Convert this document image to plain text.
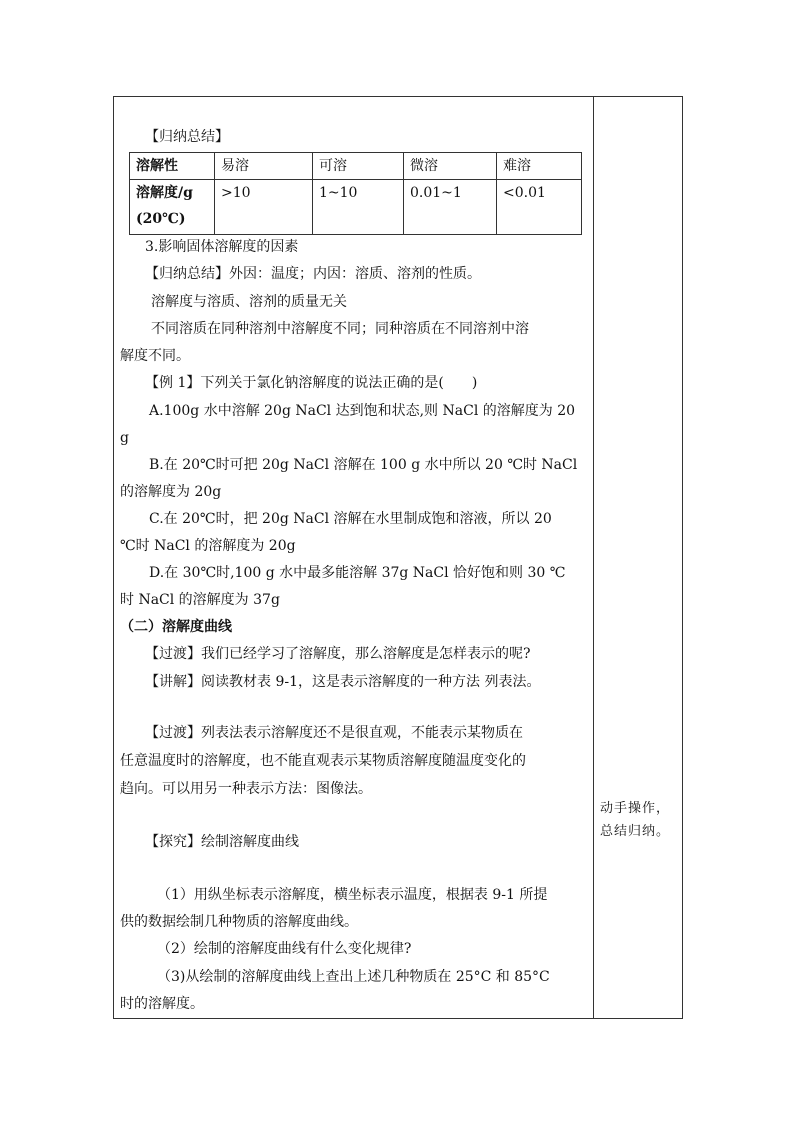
【归纳总结】
溶解性	易溶	可溶	微溶	难溶

溶解度/g
(20℃)	>10	1~10	0.01~1	<0.01
3.影响固体溶解度的因素
【归纳总结】外因：温度；内因：溶质、溶剂的性质。
溶解度与溶质、溶剂的质量无关
不同溶质在同种溶剂中溶解度不同；同种溶质在不同溶剂中溶
解度不同。
【例 1】下列关于氯化钠溶解度的说法正确的是(　　)
A.100g 水中溶解 20g NaCl 达到饱和状态,则 NaCl 的溶解度为 20
g
B.在 20℃时可把 20g NaCl 溶解在 100 g 水中所以 20 ℃时 NaCl
的溶解度为 20g
C.在 20℃时，把 20g NaCl 溶解在水里制成饱和溶液，所以 20
℃时 NaCl 的溶解度为 20g
D.在 30℃时,100 g 水中最多能溶解 37g NaCl 恰好饱和则 30 ℃
时 NaCl 的溶解度为 37g
（二）溶解度曲线
【过渡】我们已经学习了溶解度，那么溶解度是怎样表示的呢?
【讲解】阅读教材表 9-1，这是表示溶解度的一种方法 列表法。
【过渡】列表法表示溶解度还不是很直观，不能表示某物质在
任意温度时的溶解度，也不能直观表示某物质溶解度随温度变化的
趋向。可以用另一种表示方法：图像法。
【探究】绘制溶解度曲线
（1）用纵坐标表示溶解度，横坐标表示温度，根据表 9-1 所提
供的数据绘制几种物质的溶解度曲线。
（2）绘制的溶解度曲线有什么变化规律?
（3)从绘制的溶解度曲线上查出上述几种物质在 25°C 和 85°C
时的溶解度。
动手操作，
总结归纳。
